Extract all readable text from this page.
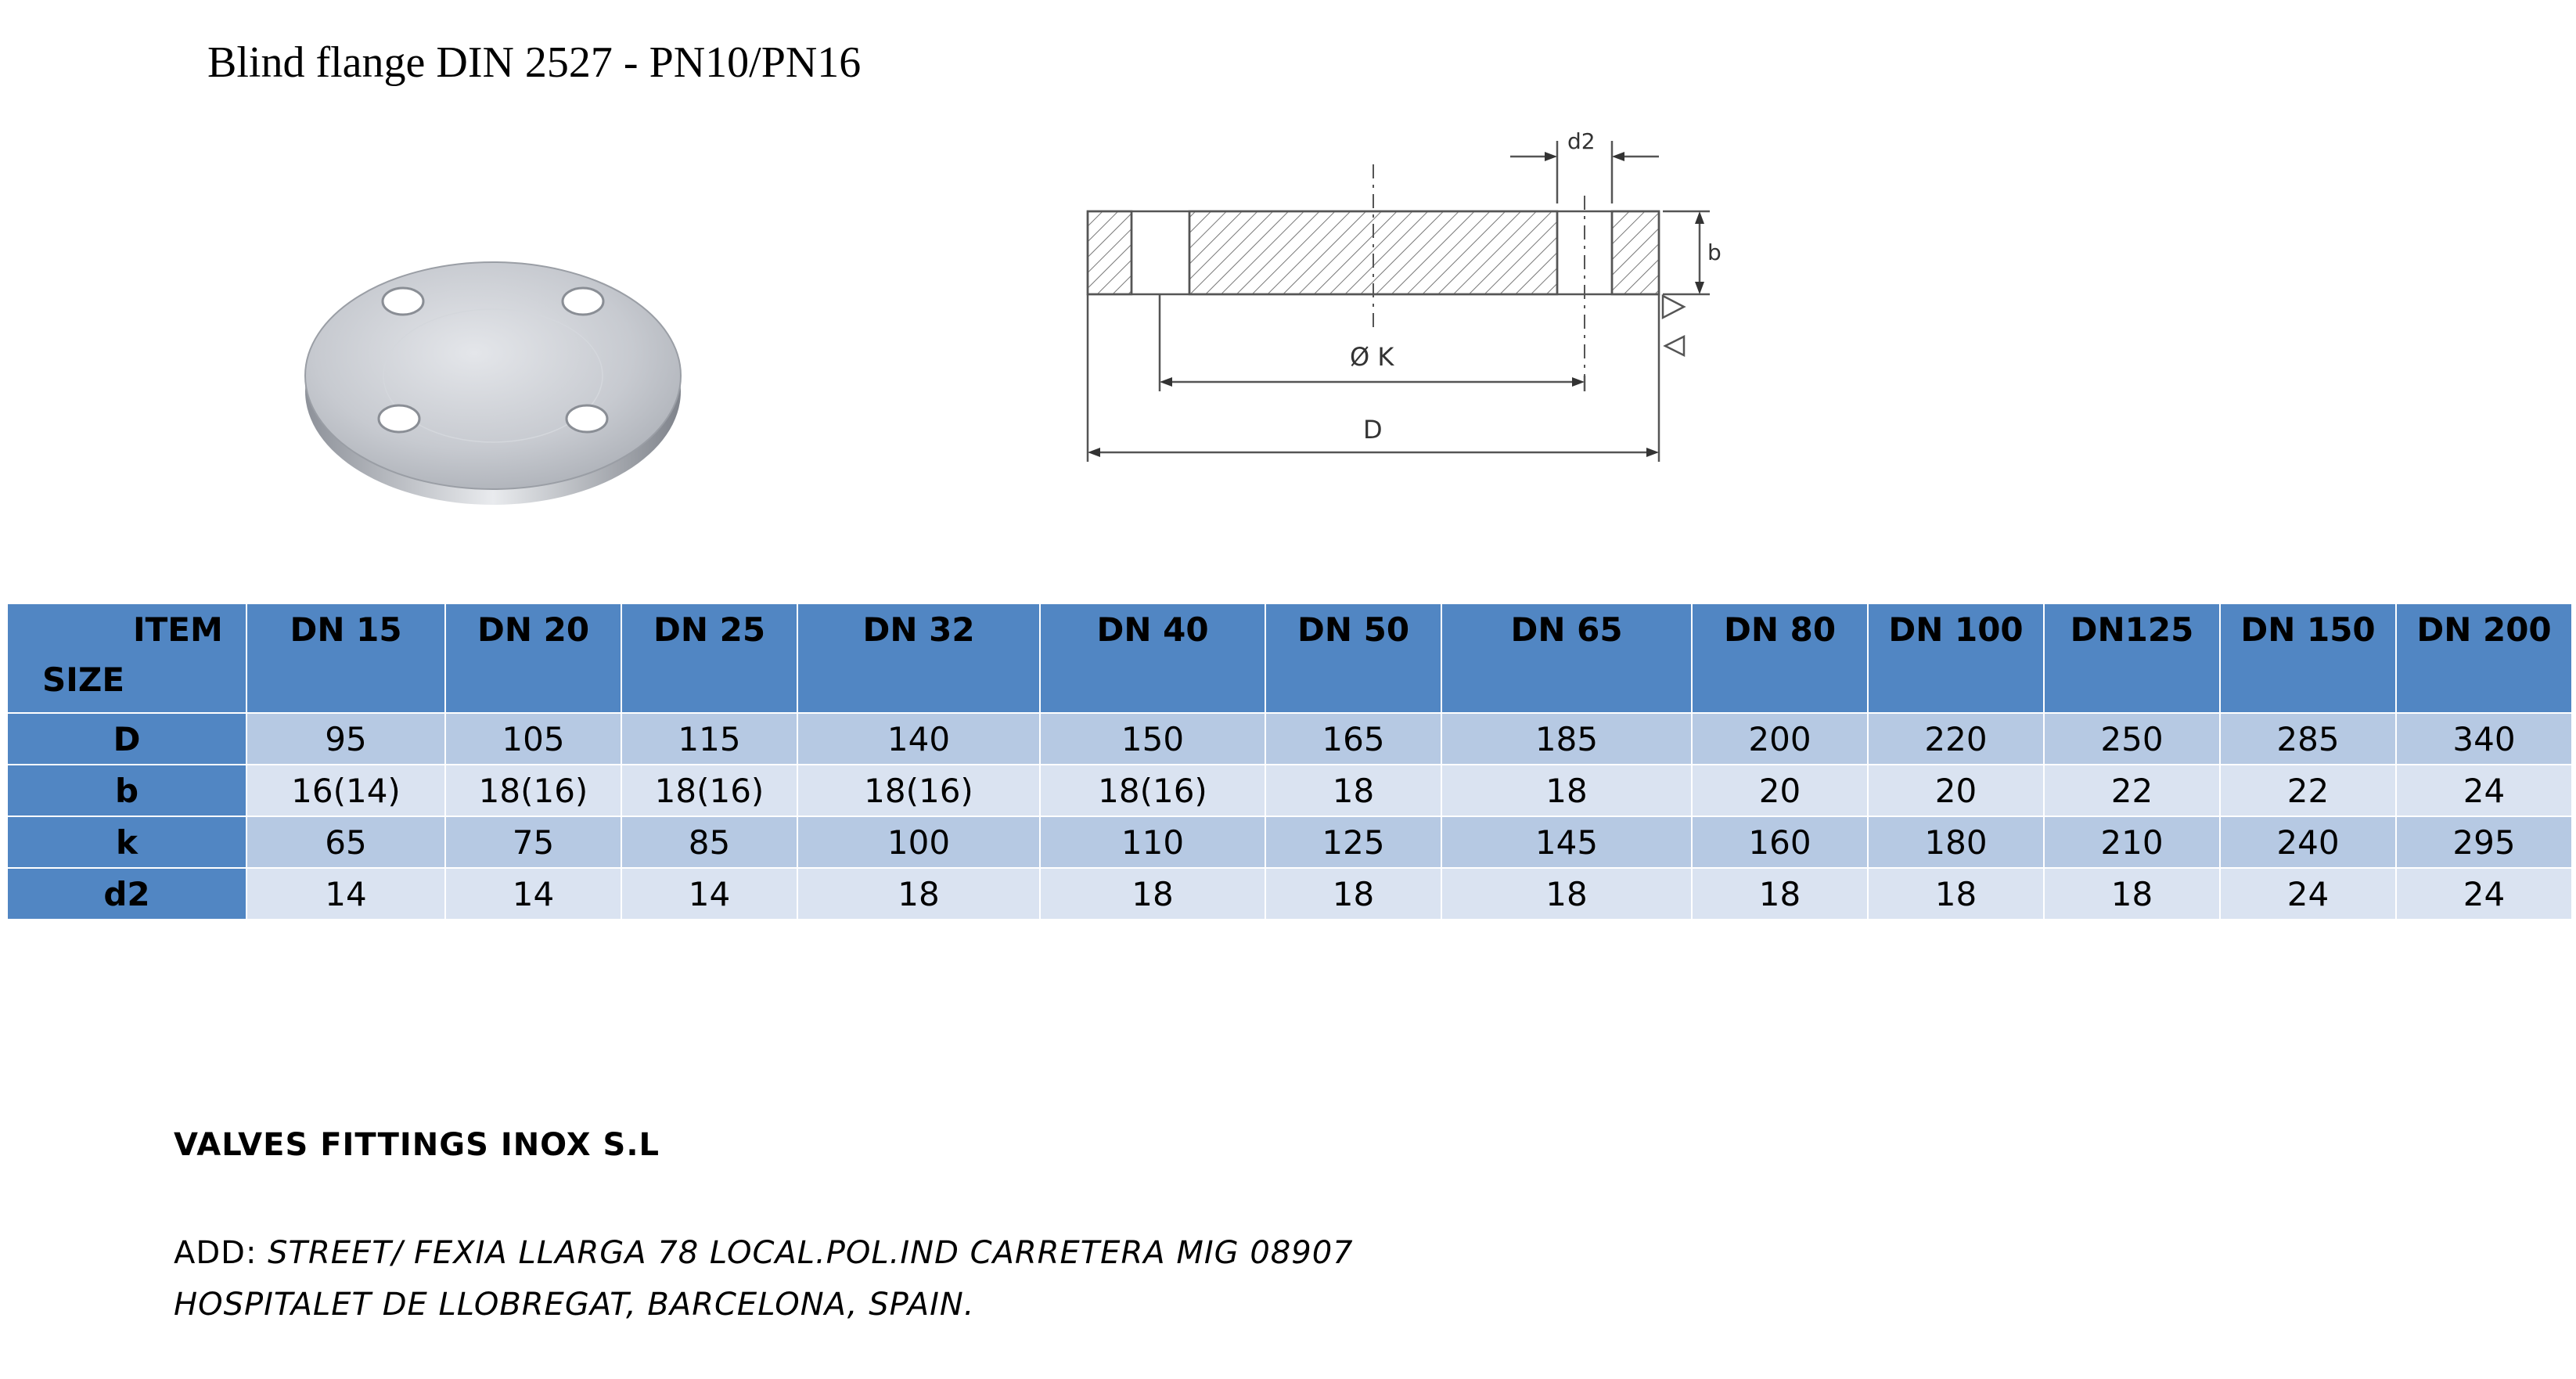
Blind flange DIN 2527 - PN10/PN16
d2
b
Ø K
D
ITEM
SIZE	DN 15	DN 20	DN 25	DN 32	DN 40	DN 50	DN 65	DN 80	DN 100	DN125	DN 150	DN 200
D	95	105	115	140	150	165	185	200	220	250	285	340
b	16(14)	18(16)	18(16)	18(16)	18(16)	18	18	20	20	22	22	24
k	65	75	85	100	110	125	145	160	180	210	240	295
d2	14	14	14	18	18	18	18	18	18	18	24	24
VALVES FITTINGS INOX S.L
ADD: STREET/ FEXIA LLARGA 78 LOCAL.POL.IND CARRETERA MIG 08907 HOSPITALET DE LLOBREGAT, BARCELONA, SPAIN.
